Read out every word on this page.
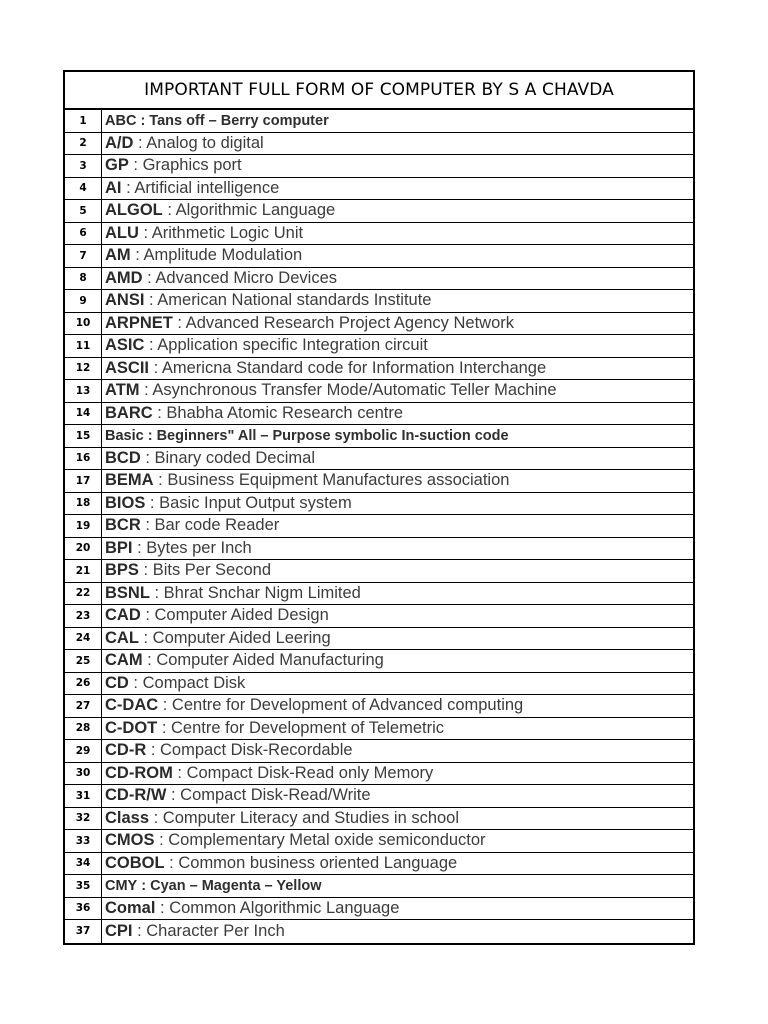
IMPORTANT FULL FORM OF COMPUTER BY S A CHAVDA
1	ABC : Tans off – Berry computer
2	A/D : Analog to digital
3	GP : Graphics port
4	AI : Artificial intelligence
5	ALGOL : Algorithmic Language
6	ALU : Arithmetic Logic Unit
7	AM : Amplitude Modulation
8	AMD : Advanced Micro Devices
9	ANSI : American National standards Institute
10 ARPNET : Advanced Research Project Agency Network
11 ASIC : Application specific Integration circuit
12 ASCII : Americna Standard code for Information Interchange
13 ATM : Asynchronous Transfer Mode/Automatic Teller Machine
14 BARC : Bhabha Atomic Research centre
15	Basic : Beginners" All – Purpose symbolic In-suction code
16 BCD : Binary coded Decimal
17 BEMA : Business Equipment Manufactures association
18 BIOS : Basic Input Output system
19 BCR : Bar code Reader
20 BPI : Bytes per Inch
21 BPS : Bits Per Second
22 BSNL : Bhrat Snchar Nigm Limited
23 CAD : Computer Aided Design
24 CAL : Computer Aided Leering
25 CAM : Computer Aided Manufacturing
26 CD : Compact Disk
27 C-DAC : Centre for Development of Advanced computing
28 C-DOT : Centre for Development of Telemetric
29 CD-R : Compact Disk-Recordable
30 CD-ROM : Compact Disk-Read only Memory
31 CD-R/W : Compact Disk-Read/Write
32 Class : Computer Literacy and Studies in school
33 CMOS : Complementary Metal oxide semiconductor
34 COBOL : Common business oriented Language
35	CMY : Cyan – Magenta – Yellow
36 Comal : Common Algorithmic Language
37 CPI : Character Per Inch
